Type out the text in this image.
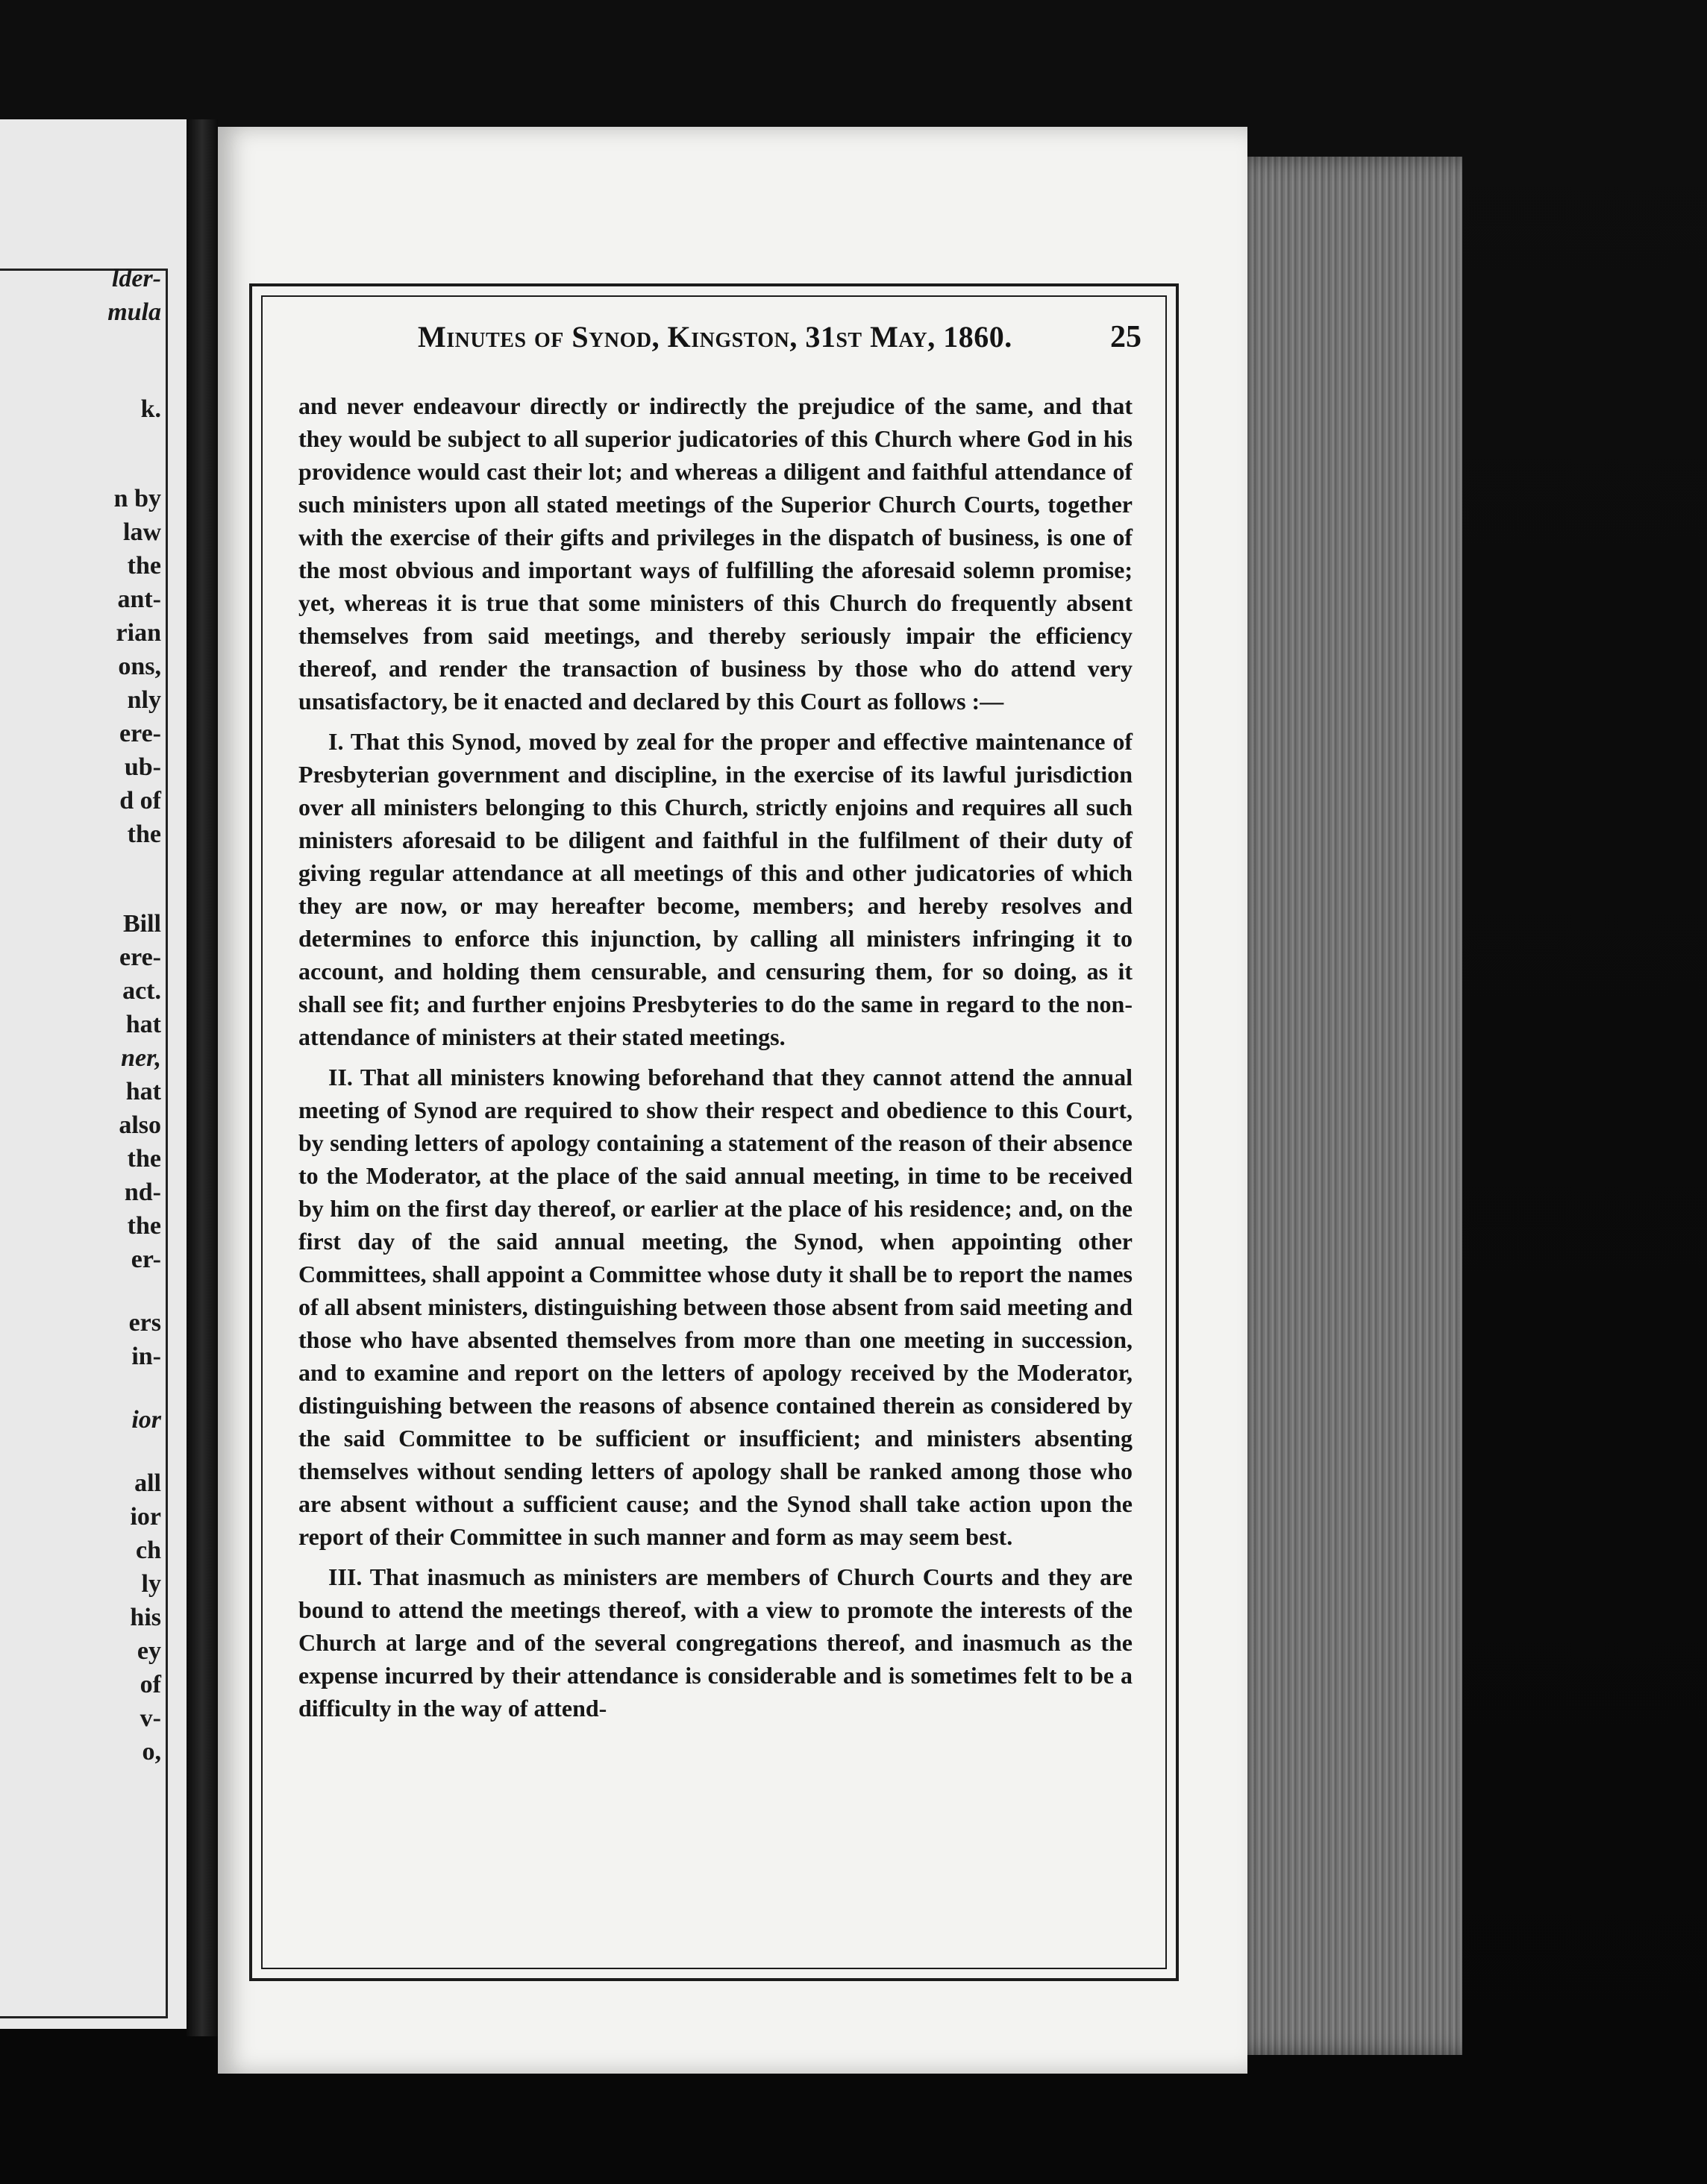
lder-
mula
k.
n by
law
the
ant-
rian
ons,
nly
ere-
ub-
d of
the
Bill
ere-
act.
hat
ner,
hat
also
the
nd-
the
er-
ers
in-
ior
all
ior
ch
ly
his
ey
of
v-
o,
Minutes of Synod, Kingston, 31st May, 1860.	25

and never endeavour directly or indirectly the prejudice of the same, and that they would be subject to all superior judicatories of this Church where God in his providence would cast their lot; and whereas a diligent and faithful attendance of such ministers upon all stated meetings of the Superior Church Courts, together with the exercise of their gifts and privileges in the dispatch of business, is one of the most obvious and important ways of fulfilling the aforesaid solemn promise; yet, whereas it is true that some ministers of this Church do frequently absent themselves from said meetings, and thereby seriously impair the efficiency thereof, and render the transaction of business by those who do attend very unsatisfactory, be it enacted and declared by this Court as follows :—

I. That this Synod, moved by zeal for the proper and effective maintenance of Presbyterian government and discipline, in the exercise of its lawful jurisdiction over all ministers belonging to this Church, strictly enjoins and requires all such ministers aforesaid to be diligent and faithful in the fulfilment of their duty of giving regular attendance at all meetings of this and other judicatories of which they are now, or may hereafter become, members; and hereby resolves and determines to enforce this injunction, by calling all ministers infringing it to account, and holding them censurable, and censuring them, for so doing, as it shall see fit; and further enjoins Presbyteries to do the same in regard to the non-attendance of ministers at their stated meetings.

II. That all ministers knowing beforehand that they cannot attend the annual meeting of Synod are required to show their respect and obedience to this Court, by sending letters of apology containing a statement of the reason of their absence to the Moderator, at the place of the said annual meeting, in time to be received by him on the first day thereof, or earlier at the place of his residence; and, on the first day of the said annual meeting, the Synod, when appointing other Committees, shall appoint a Committee whose duty it shall be to report the names of all absent ministers, distinguishing between those absent from said meeting and those who have absented themselves from more than one meeting in succession, and to examine and report on the letters of apology received by the Moderator, distinguishing between the reasons of absence contained therein as considered by the said Committee to be sufficient or insufficient; and ministers absenting themselves without sending letters of apology shall be ranked among those who are absent without a sufficient cause; and the Synod shall take action upon the report of their Committee in such manner and form as may seem best.

III. That inasmuch as ministers are members of Church Courts and they are bound to attend the meetings thereof, with a view to promote the interests of the Church at large and of the several congregations thereof, and inasmuch as the expense incurred by their attendance is considerable and is sometimes felt to be a difficulty in the way of attend-
